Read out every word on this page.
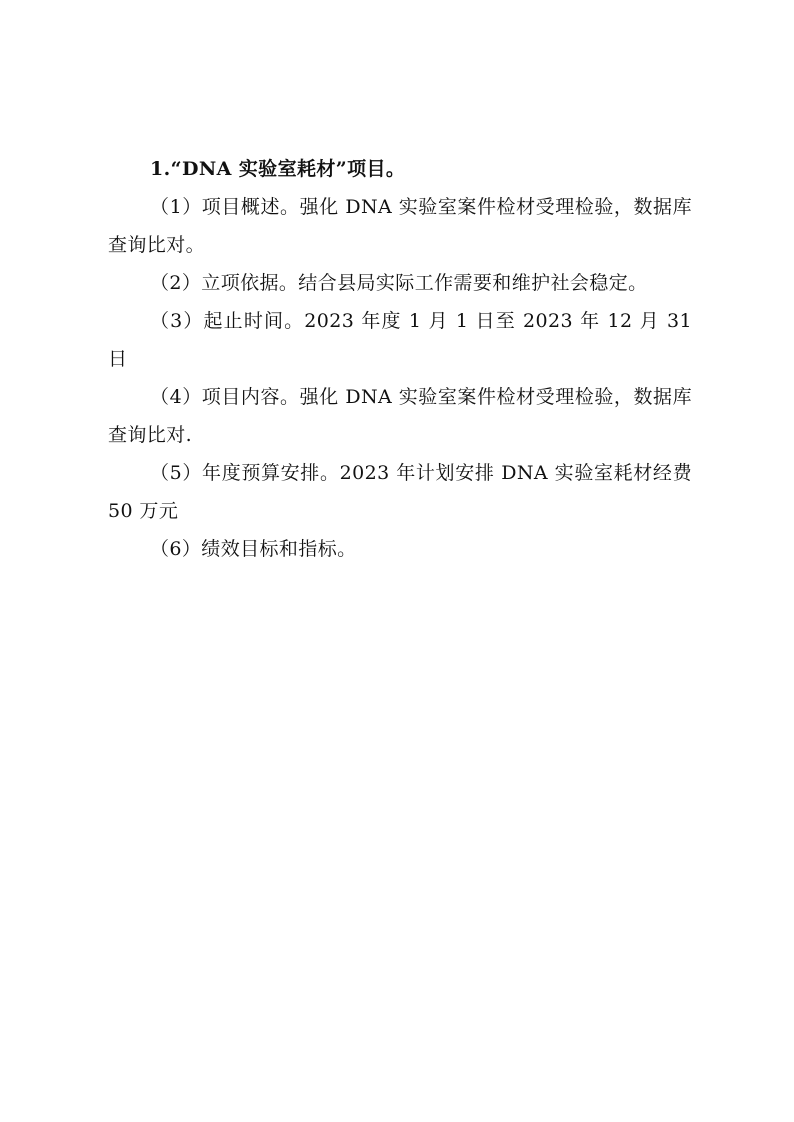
1.“DNA 实验室耗材”项目。

（1）项目概述。强化 DNA 实验室案件检材受理检验，数据库查询比对。

（2）立项依据。结合县局实际工作需要和维护社会稳定。

（3）起止时间。2023 年度 1 月 1 日至 2023 年 12 月 31 日

（4）项目内容。强化 DNA 实验室案件检材受理检验，数据库查询比对.

（5）年度预算安排。2023 年计划安排 DNA 实验室耗材经费 50 万元

（6）绩效目标和指标。
